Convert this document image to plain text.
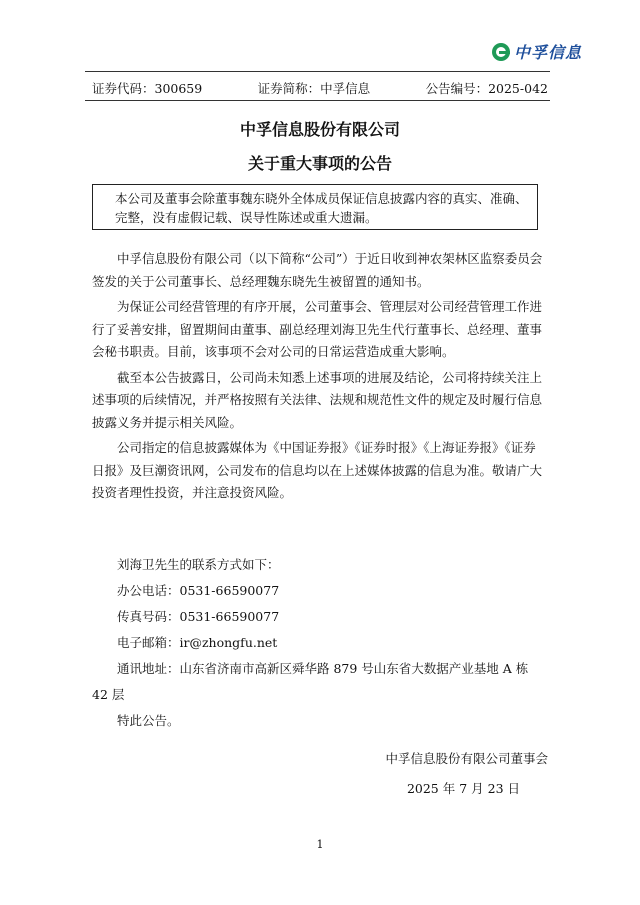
中孚信息
证券代码：300659	证券简称：中孚信息	公告编号：2025-042
中孚信息股份有限公司
关于重大事项的公告
本公司及董事会除董事魏东晓外全体成员保证信息披露内容的真实、准确、完整，没有虚假记载、误导性陈述或重大遗漏。

中孚信息股份有限公司（以下简称“公司”）于近日收到神农架林区监察委员会签发的关于公司董事长、总经理魏东晓先生被留置的通知书。

为保证公司经营管理的有序开展，公司董事会、管理层对公司经营管理工作进行了妥善安排，留置期间由董事、副总经理刘海卫先生代行董事长、总经理、董事会秘书职责。目前，该事项不会对公司的日常运营造成重大影响。

截至本公告披露日，公司尚未知悉上述事项的进展及结论，公司将持续关注上述事项的后续情况，并严格按照有关法律、法规和规范性文件的规定及时履行信息披露义务并提示相关风险。

公司指定的信息披露媒体为《中国证券报》《证券时报》《上海证券报》《证券日报》及巨潮资讯网，公司发布的信息均以在上述媒体披露的信息为准。敬请广大投资者理性投资，并注意投资风险。

刘海卫先生的联系方式如下：
办公电话：0531-66590077
传真号码：0531-66590077
电子邮箱：ir@zhongfu.net
通讯地址：山东省济南市高新区舜华路 879 号山东省大数据产业基地 A 栋
42 层
特此公告。
中孚信息股份有限公司董事会
2025 年 7 月 23 日
1
